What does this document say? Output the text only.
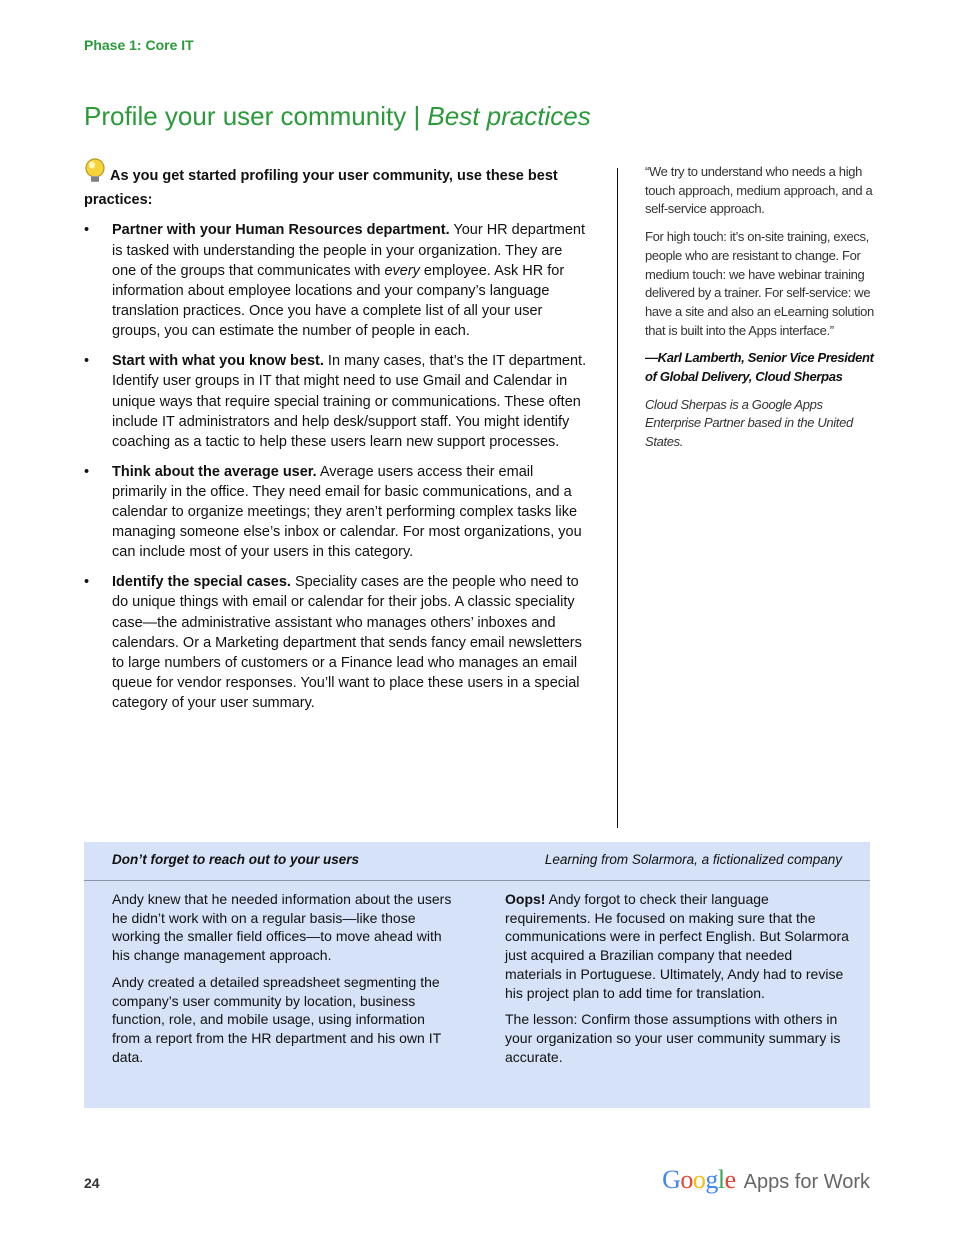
Phase 1: Core IT
Profile your user community | Best practices

As you get started profiling your user community, use these best practices:

• Partner with your Human Resources department. Your HR department is tasked with understanding the people in your organization. They are one of the groups that communicates with every employee. Ask HR for information about employee locations and your company’s language translation practices. Once you have a complete list of all your user groups, you can estimate the number of people in each.
• Start with what you know best. In many cases, that’s the IT department. Identify user groups in IT that might need to use Gmail and Calendar in unique ways that require special training or communications. These often include IT administrators and help desk/support staff. You might identify coaching as a tactic to help these users learn new support processes.
• Think about the average user. Average users access their email primarily in the office. They need email for basic communications, and a calendar to organize meetings; they aren’t performing complex tasks like managing someone else’s inbox or calendar. For most organizations, you can include most of your users in this category.
• Identify the special cases. Speciality cases are the people who need to do unique things with email or calendar for their jobs. A classic speciality case—the administrative assistant who manages others’ inboxes and calendars. Or a Marketing department that sends fancy email newsletters to large numbers of customers or a Finance lead who manages an email queue for vendor responses. You’ll want to place these users in a special category of your user summary.

“We try to understand who needs a high touch approach, medium approach, and a self-service approach.

For high touch: it’s on-site training, execs, people who are resistant to change. For medium touch: we have webinar training delivered by a trainer. For self-service: we have a site and also an eLearning solution that is built into the Apps interface.”

—Karl Lamberth, Senior Vice President of Global Delivery, Cloud Sherpas

Cloud Sherpas is a Google Apps Enterprise Partner based in the United States.

Don’t forget to reach out to your users	Learning from Solarmora, a fictionalized company

Andy knew that he needed information about the users he didn’t work with on a regular basis—like those working the smaller field offices—to move ahead with his change management approach.

Andy created a detailed spreadsheet segmenting the company’s user community by location, business function, role, and mobile usage, using information from a report from the HR department and his own IT data.

Oops! Andy forgot to check their language requirements. He focused on making sure that the communications were in perfect English. But Solarmora just acquired a Brazilian company that needed materials in Portuguese. Ultimately, Andy had to revise his project plan to add time for translation.

The lesson: Confirm those assumptions with others in your organization so your user community summary is accurate.

24	Google Apps for Work
